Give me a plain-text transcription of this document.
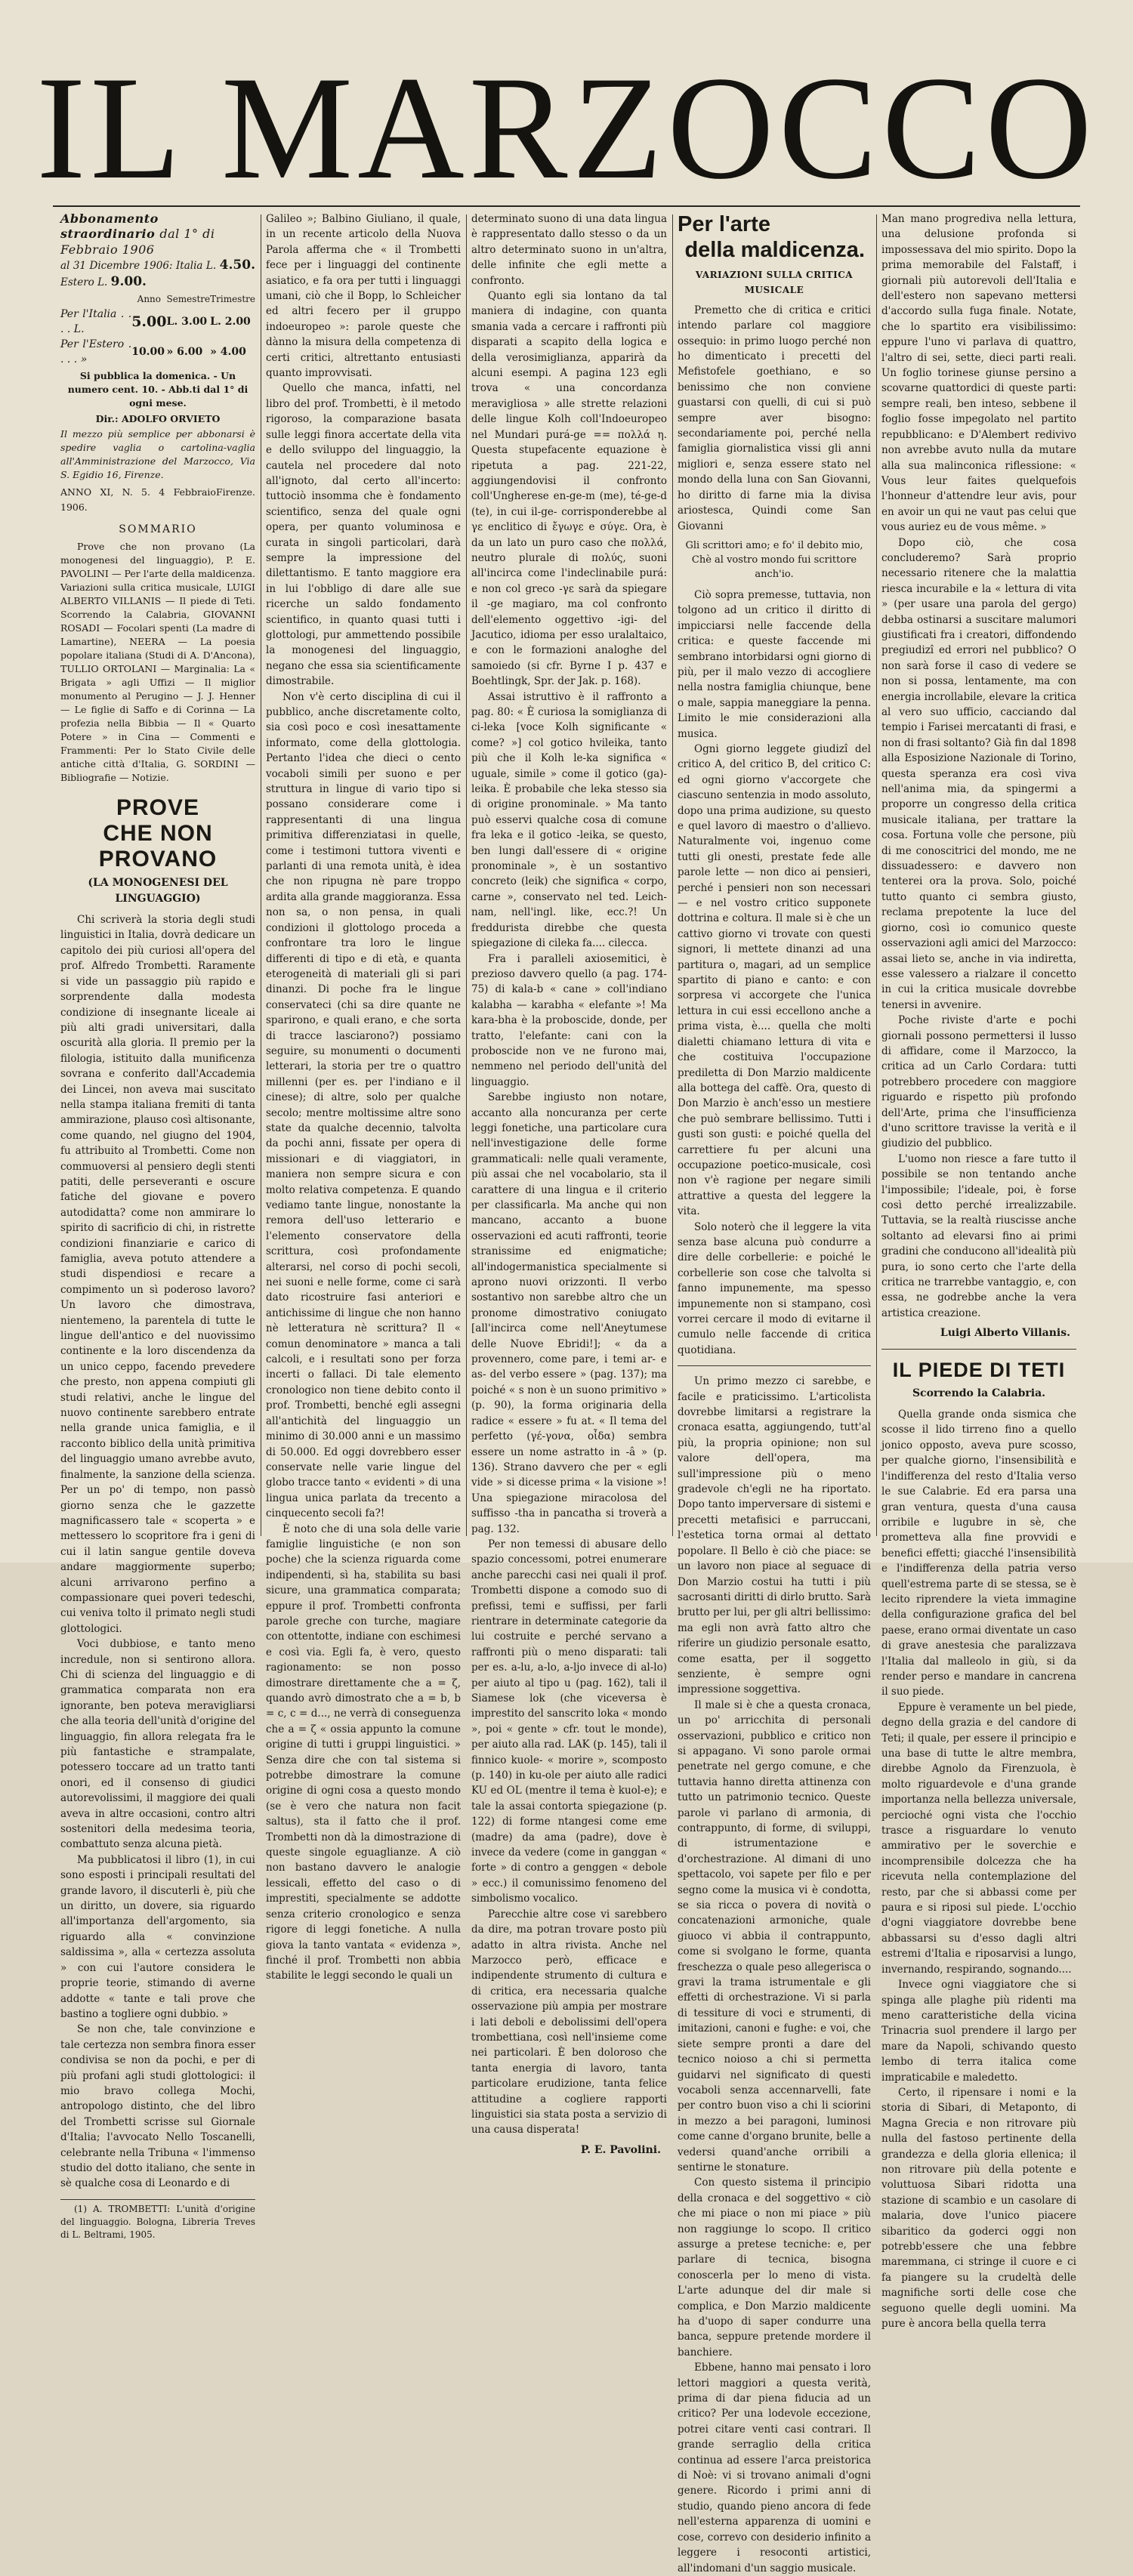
IL MARZOCCO

Abbonamento straordinario dal 1° di Febbraio 1906

al 31 Dicembre 1906: Italia L. 4.50. Estero L. 9.00.

	Anno	Semestre	Trimestre
Per l'Italia . . . . L.	5.00	L. 3.00	L. 2.00
Per l'Estero . . . . »	10.00	» 6.00	» 4.00

Si pubblica la domenica. - Un numero cent. 10. - Abb.ti dal 1° di ogni mese.

Dir.: ADOLFO ORVIETO

Il mezzo più semplice per abbonarsi è spedire vaglia o cartolina-vaglia all'Amministrazione del Marzocco, Via S. Egidio 16, Firenze.

ANNO XI, N. 5. 4 Febbraio 1906.
Firenze.
SOMMARIO

Prove che non provano (La monogenesi del linguaggio), P. E. PAVOLINI — Per l'arte della maldicenza. Variazioni sulla critica musicale, LUIGI ALBERTO VILLANIS — Il piede di Teti. Scorrendo la Calabria, GIOVANNI ROSADI — Focolari spenti (La madre di Lamartine), NEERA — La poesia popolare italiana (Studi di A. D'Ancona), TULLIO ORTOLANI — Marginalia: La « Brigata » agli Uffizi — Il miglior monumento al Perugino — J. J. Henner — Le figlie di Saffo e di Corinna — La profezia nella Bibbia — Il « Quarto Potere » in Cina — Commenti e Frammenti: Per lo Stato Civile delle antiche città d'Italia, G. SORDINI — Bibliografie — Notizie.

PROVE

CHE NON PROVANO

(LA MONOGENESI DEL LINGUAGGIO)

Chi scriverà la storia degli studi linguistici in Italia, dovrà dedicare un capitolo dei più curiosi all'opera del prof. Alfredo Trombetti. Raramente si vide un passaggio più rapido e sorprendente dalla modesta condizione di insegnante liceale ai più alti gradi universitari, dalla oscurità alla gloria. Il premio per la filologia, istituito dalla munificenza sovrana e conferito dall'Accademia dei Lincei, non aveva mai suscitato nella stampa italiana fremiti di tanta ammirazione, plauso così altisonante, come quando, nel giugno del 1904, fu attribuito al Trombetti. Come non commuoversi al pensiero degli stenti patiti, delle perseveranti e oscure fatiche del giovane e povero autodidatta? come non ammirare lo spirito di sacrificio di chi, in ristrette condizioni finanziarie e carico di famiglia, aveva potuto attendere a studi dispendiosi e recare a compimento un sì poderoso lavoro? Un lavoro che dimostrava, nientemeno, la parentela di tutte le lingue dell'antico e del nuovissimo continente e la loro discendenza da un unico ceppo, facendo prevedere che presto, non appena compiuti gli studi relativi, anche le lingue del nuovo continente sarebbero entrate nella grande unica famiglia, e il racconto biblico della unità primitiva del linguaggio umano avrebbe avuto, finalmente, la sanzione della scienza. Per un po' di tempo, non passò giorno senza che le gazzette magnificassero tale « scoperta » e mettessero lo scopritore fra i geni di cui il latin sangue gentile doveva andare maggiormente superbo; alcuni arrivarono perfino a compassionare quei poveri tedeschi, cui veniva tolto il primato negli studi glottologici.

Voci dubbiose, e tanto meno incredule, non si sentirono allora. Chi di scienza del linguaggio e di grammatica comparata non era ignorante, ben poteva meravigliarsi che alla teoria dell'unità d'origine del linguaggio, fin allora relegata fra le più fantastiche e strampalate, potessero toccare ad un tratto tanti onori, ed il consenso di giudici autorevolissimi, il maggiore dei quali aveva in altre occasioni, contro altri sostenitori della medesima teoria, combattuto senza alcuna pietà.

Ma pubblicatosi il libro (1), in cui sono esposti i principali resultati del grande lavoro, il discuterli è, più che un diritto, un dovere, sia riguardo all'importanza dell'argomento, sia riguardo alla « convinzione saldissima », alla « certezza assoluta » con cui l'autore considera le proprie teorie, stimando di averne addotte « tante e tali prove che bastino a togliere ogni dubbio. »

Se non che, tale convinzione e tale certezza non sembra finora esser condivisa se non da pochi, e per di più profani agli studi glottologici: il mio bravo collega Mochi, antropologo distinto, che del libro del Trombetti scrisse sul Giornale d'Italia; l'avvocato Nello Toscanelli, celebrante nella Tribuna « l'immenso studio del dotto italiano, che sente in sè qualche cosa di Leonardo e di

(1) A. TROMBETTI: L'unità d'origine del linguaggio. Bologna, Libreria Treves di L. Beltrami, 1905.

Galileo »; Balbino Giuliano, il quale, in un recente articolo della Nuova Parola afferma che « il Trombetti fece per i linguaggi del continente asiatico, e fa ora per tutti i linguaggi umani, ciò che il Bopp, lo Schleicher ed altri fecero per il gruppo indoeuropeo »: parole queste che dànno la misura della competenza di certi critici, altrettanto entusiasti quanto improvvisati.

Quello che manca, infatti, nel libro del prof. Trombetti, è il metodo rigoroso, la comparazione basata sulle leggi finora accertate della vita e dello sviluppo del linguaggio, la cautela nel procedere dal noto all'ignoto, dal certo all'incerto: tuttociò insomma che è fondamento scientifico, senza del quale ogni opera, per quanto voluminosa e curata in singoli particolari, darà sempre la impressione del dilettantismo. E tanto maggiore era in lui l'obbligo di dare alle sue ricerche un saldo fondamento scientifico, in quanto quasi tutti i glottologi, pur ammettendo possibile la monogenesi del linguaggio, negano che essa sia scientificamente dimostrabile.

Non v'è certo disciplina di cui il pubblico, anche discretamente colto, sia così poco e così inesattamente informato, come della glottologia. Pertanto l'idea che dieci o cento vocaboli simili per suono e per struttura in lingue di vario tipo si possano considerare come i rappresentanti di una lingua primitiva differenziatasi in quelle, come i testimoni tuttora viventi e parlanti di una remota unità, è idea che non ripugna nè pare troppo ardita alla grande maggioranza. Essa non sa, o non pensa, in quali condizioni il glottologo proceda a confrontare tra loro le lingue differenti di tipo e di età, e quanta eterogeneità di materiali gli si pari dinanzi. Di poche fra le lingue conservateci (chi sa dire quante ne sparirono, e quali erano, e che sorta di tracce lasciarono?) possiamo seguire, su monumenti o documenti letterari, la storia per tre o quattro millenni (per es. per l'indiano e il cinese); di altre, solo per qualche secolo; mentre moltissime altre sono state da qualche decennio, talvolta da pochi anni, fissate per opera di missionari e di viaggiatori, in maniera non sempre sicura e con molto relativa competenza. E quando vediamo tante lingue, nonostante la remora dell'uso letterario e l'elemento conservatore della scrittura, così profondamente alterarsi, nel corso di pochi secoli, nei suoni e nelle forme, come ci sarà dato ricostruire fasi anteriori e antichissime di lingue che non hanno nè letteratura nè scrittura? Il « comun denominatore » manca a tali calcoli, e i resultati sono per forza incerti o fallaci. Di tale elemento cronologico non tiene debito conto il prof. Trombetti, benché egli assegni all'antichità del linguaggio un minimo di 30.000 anni e un massimo di 50.000. Ed oggi dovrebbero esser conservate nelle varie lingue del globo tracce tanto « evidenti » di una lingua unica parlata da trecento a cinquecento secoli fa?!

È noto che di una sola delle varie famiglie linguistiche (e non son poche) che la scienza riguarda come indipendenti, sì ha, stabilita su basi sicure, una grammatica comparata; eppure il prof. Trombetti confronta parole greche con turche, magiare con ottentotte, indiane con eschimesi e così via. Egli fa, è vero, questo ragionamento: se non posso dimostrare direttamente che a = ζ, quando avrò dimostrato che a = b, b = c, c = d..., ne verrà di conseguenza che a = ζ « ossia appunto la comune origine di tutti i gruppi linguistici. » Senza dire che con tal sistema si potrebbe dimostrare la comune origine di ogni cosa a questo mondo (se è vero che natura non facit saltus), sta il fatto che il prof. Trombetti non dà la dimostrazione di queste singole eguaglianze. A ciò non bastano davvero le analogie lessicali, effetto del caso o di imprestiti, specialmente se addotte senza criterio cronologico e senza rigore di leggi fonetiche. A nulla giova la tanto vantata « evidenza », finché il prof. Trombetti non abbia stabilite le leggi secondo le quali un

determinato suono di una data lingua è rappresentato dallo stesso o da un altro determinato suono in un'altra, delle infinite che egli mette a confronto.

Quanto egli sia lontano da tal maniera di indagine, con quanta smania vada a cercare i raffronti più disparati a scapito della logica e della verosimiglianza, apparirà da alcuni esempi. A pagina 123 egli trova « una concordanza meravigliosa » alle strette relazioni delle lingue Kolh coll'Indoeuropeo nel Mundari purá-ge == πολλά η. Questa stupefacente equazione è ripetuta a pag. 221-22, aggiungendovisi il confronto coll'Ungherese en-ge-m (me), té-ge-d (te), in cui il-ge- corrisponderebbe al γε enclitico di ἔγωγε e σύγε. Ora, è da un lato un puro caso che πολλά, neutro plurale di πολύς, suoni all'incirca come l'indeclinabile purá: e non col greco -γε sarà da spiegare il -ge magiaro, ma col confronto dell'elemento oggettivo -igi- del Jacutico, idioma per esso uralaltaico, e con le formazioni analoghe del samoiedo (si cfr. Byrne I p. 437 e Boehtlingk, Spr. der Jak. p. 168).

Assai istruttivo è il raffronto a pag. 80: « È curiosa la somiglianza di ci-leka [voce Kolh significante « come? »] col gotico hvileika, tanto più che il Kolh le-ka significa « uguale, simile » come il gotico (ga)-leika. È probabile che leka stesso sia di origine pronominale. » Ma tanto può esservi qualche cosa di comune fra leka e il gotico -leika, se questo, ben lungi dall'essere di « origine pronominale », è un sostantivo concreto (leik) che significa « corpo, carne », conservato nel ted. Leich-nam, nell'ingl. like, ecc.?! Un freddurista direbbe che questa spiegazione di cileka fa.... cilecca.

Fra i paralleli axiosemitici, è prezioso davvero quello (a pag. 174-75) di kala-b « cane » coll'indiano kalabha — karabha « elefante »! Ma kara-bha è la proboscide, donde, per tratto, l'elefante: cani con la proboscide non ve ne furono mai, nemmeno nel periodo dell'unità del linguaggio.

Sarebbe ingiusto non notare, accanto alla noncuranza per certe leggi fonetiche, una particolare cura nell'investigazione delle forme grammaticali: nelle quali veramente, più assai che nel vocabolario, sta il carattere di una lingua e il criterio per classificarla. Ma anche qui non mancano, accanto a buone osservazioni ed acuti raffronti, teorie stranissime ed enigmatiche; all'indogermanistica specialmente si aprono nuovi orizzonti. Il verbo sostantivo non sarebbe altro che un pronome dimostrativo coniugato [all'incirca come nell'Aneytumese delle Nuove Ebridi!]; « da a provennero, come pare, i temi ar- e as- del verbo essere » (pag. 137); ma poiché « s non è un suono primitivo » (p. 90), la forma originaria della radice « essere » fu at. « Il tema del perfetto (γέ-γονα, οἶδα) sembra essere un nome astratto in -â » (p. 136). Strano davvero che per « egli vide » si dicesse prima « la visione »! Una spiegazione miracolosa del suffisso -tha in pancatha si troverà a pag. 132.

Per non temessi di abusare dello spazio concessomi, potrei enumerare anche parecchi casi nei quali il prof. Trombetti dispone a comodo suo di prefissi, temi e suffissi, per farli rientrare in determinate categorie da lui costruite e perché servano a raffronti più o meno disparati: tali per es. a-lu, a-lo, a-ljo invece di al-lo) per aiuto al tipo u (pag. 162), tali il Siamese lok (che viceversa è imprestito del sanscrito loka « mondo », poi « gente » cfr. tout le monde), per aiuto alla rad. LAK (p. 145), tali il finnico kuole- « morire », scomposto (p. 140) in ku-ole per aiuto alle radici KU ed OL (mentre il tema è kuol-e); e tale la assai contorta spiegazione (p. 122) di forme ntangesi come eme (madre) da ama (padre), dove è invece da vedere (come in ganggan « forte » di contro a genggen « debole » ecc.) il comunissimo fenomeno del simbolismo vocalico.

Parecchie altre cose vi sarebbero da dire, ma potran trovare posto più adatto in altra rivista. Anche nel Marzocco però, efficace e indipendente strumento di cultura e di critica, era necessaria qualche osservazione più ampia per mostrare i lati deboli e debolissimi dell'opera trombettiana, così nell'insieme come nei particolari. È ben doloroso che tanta energia di lavoro, tanta particolare erudizione, tanta felice attitudine a cogliere rapporti linguistici sia stata posta a servizio di una causa disperata!

P. E. Pavolini.

Per l'arte

della maldicenza.

VARIAZIONI SULLA CRITICA MUSICALE

Premetto che di critica e critici intendo parlare col maggiore ossequio: in primo luogo perché non ho dimenticato i precetti del Mefistofele goethiano, e so benissimo che non conviene guastarsi con quelli, di cui si può sempre aver bisogno: secondariamente poi, perché nella famiglia giornalistica vissi gli anni migliori e, senza essere stato nel mondo della luna con San Giovanni, ho diritto di farne mia la divisa ariostesca, Quindi come San Giovanni

Gli scrittori amo; e fo' il debito mio,
Chè al vostro mondo fui scrittore anch'io.

Ciò sopra premesse, tuttavia, non tolgono ad un critico il diritto di impicciarsi nelle faccende della critica: e queste faccende mi sembrano intorbidarsi ogni giorno di più, per il malo vezzo di accogliere nella nostra famiglia chiunque, bene o male, sappia maneggiare la penna. Limito le mie considerazioni alla musica.

Ogni giorno leggete giudizî del critico A, del critico B, del critico C: ed ogni giorno v'accorgete che ciascuno sentenzia in modo assoluto, dopo una prima audizione, su questo e quel lavoro di maestro o d'allievo. Naturalmente voi, ingenuo come tutti gli onesti, prestate fede alle parole lette — non dico ai pensieri, perché i pensieri non son necessari — e nel vostro critico supponete dottrina e coltura. Il male si è che un cattivo giorno vi trovate con questi signori, li mettete dinanzi ad una partitura o, magari, ad un semplice spartito di piano e canto: e con sorpresa vi accorgete che l'unica lettura in cui essi eccellono anche a prima vista, è.... quella che molti dialetti chiamano lettura di vita e che costituiva l'occupazione prediletta di Don Marzio maldicente alla bottega del caffè. Ora, questo di Don Marzio è anch'esso un mestiere che può sembrare bellissimo. Tutti i gusti son gusti: e poiché quella del carrettiere fu per alcuni una occupazione poetico-musicale, così non v'è ragione per negare simili attrattive a questa del leggere la vita.

Solo noterò che il leggere la vita senza base alcuna può condurre a dire delle corbellerie: e poiché le corbellerie son cose che talvolta si fanno impunemente, ma spesso impunemente non si stampano, così vorrei cercare il modo di evitarne il cumulo nelle faccende di critica quotidiana.

Un primo mezzo ci sarebbe, e facile e praticissimo. L'articolista dovrebbe limitarsi a registrare la cronaca esatta, aggiungendo, tutt'al più, la propria opinione; non sul valore dell'opera, ma sull'impressione più o meno gradevole ch'egli ne ha riportato. Dopo tanto imperversare di sistemi e precetti metafisici e parruccani, l'estetica torna ormai al dettato popolare. Il Bello è ciò che piace: se un lavoro non piace al seguace di Don Marzio costui ha tutti i più sacrosanti diritti di dirlo brutto. Sarà brutto per lui, per gli altri bellissimo: ma egli non avrà fatto altro che riferire un giudizio personale esatto, come esatta, per il soggetto senziente, è sempre ogni impressione soggettiva.

Il male si è che a questa cronaca, un po' arricchita di personali osservazioni, pubblico e critico non si appagano. Vi sono parole ormai penetrate nel gergo comune, e che tuttavia hanno diretta attinenza con tutto un patrimonio tecnico. Queste parole vi parlano di armonia, di contrappunto, di forme, di sviluppi, di istrumentazione e d'orchestrazione. Al dimani di uno spettacolo, voi sapete per filo e per segno come la musica vi è condotta, se sia ricca o povera di novità o concatenazioni armoniche, quale giuoco vi abbia il contrappunto, come si svolgano le forme, quanta freschezza o quale peso allegerisca o gravi la trama istrumentale e gli effetti di orchestrazione. Vi si parla di tessiture di voci e strumenti, di imitazioni, canoni e fughe: e voi, che siete sempre pronti a dare del tecnico noioso a chi si permetta guidarvi nel significato di questi vocaboli senza accennarvelli, fate per contro buon viso a chi li sciorini in mezzo a bei paragoni, luminosi come canne d'organo brunite, belle a vedersi quand'anche orribili a sentirne le stonature.

Con questo sistema il principio della cronaca e del soggettivo « ciò che mi piace o non mi piace » più non raggiunge lo scopo. Il critico assurge a pretese tecniche: e, per parlare di tecnica, bisogna conoscerla per lo meno di vista. L'arte adunque del dir male si complica, e Don Marzio maldicente ha d'uopo di saper condurre una banca, seppure pretende mordere il banchiere.

Ebbene, hanno mai pensato i loro lettori maggiori a questa verità, prima di dar piena fiducia ad un critico? Per una lodevole eccezione, potrei citare venti casi contrari. Il grande serraglio della critica continua ad essere l'arca preistorica di Noè: vi si trovano animali d'ogni genere. Ricordo i primi anni di studio, quando pieno ancora di fede nell'esterna apparenza di uomini e cose, correvo con desiderio infinito a leggere i resoconti artistici, all'indomani d'un saggio musicale.

Man mano progrediva nella lettura, una delusione profonda si impossessava del mio spirito. Dopo la prima memorabile del Falstaff, i giornali più autorevoli dell'Italia e dell'estero non sapevano mettersi d'accordo sulla fuga finale. Notate, che lo spartito era visibilissimo: eppure l'uno vi parlava di quattro, l'altro di sei, sette, dieci parti reali. Un foglio torinese giunse persino a scovarne quattordici di queste parti: sempre reali, ben inteso, sebbene il foglio fosse impegolato nel partito repubblicano: e D'Alembert redivivo non avrebbe avuto nulla da mutare alla sua malinconica riflessione: « Vous leur faites quelquefois l'honneur d'attendre leur avis, pour en avoir un qui ne vaut pas celui que vous auriez eu de vous même. »

Dopo ciò, che cosa concluderemo? Sarà proprio necessario ritenere che la malattia riesca incurabile e la « lettura di vita » (per usare una parola del gergo) debba ostinarsi a suscitare malumori giustificati fra i creatori, diffondendo pregiudizî ed errori nel pubblico? O non sarà forse il caso di vedere se non si possa, lentamente, ma con energia incrollabile, elevare la critica al vero suo ufficio, cacciando dal tempio i Farisei mercatanti di frasi, e non di frasi soltanto? Già fin dal 1898 alla Esposizione Nazionale di Torino, questa speranza era così viva nell'anima mia, da spingermi a proporre un congresso della critica musicale italiana, per trattare la cosa. Fortuna volle che persone, più di me conoscitrici del mondo, me ne dissuadessero: e davvero non tenterei ora la prova. Solo, poiché tutto quanto ci sembra giusto, reclama prepotente la luce del giorno, così io comunico queste osservazioni agli amici del Marzocco: assai lieto se, anche in via indiretta, esse valessero a rialzare il concetto in cui la critica musicale dovrebbe tenersi in avvenire.

Poche riviste d'arte e pochi giornali possono permettersi il lusso di affidare, come il Marzocco, la critica ad un Carlo Cordara: tutti potrebbero procedere con maggiore riguardo e rispetto più profondo dell'Arte, prima che l'insufficienza d'uno scrittore travisse la verità e il giudizio del pubblico.

L'uomo non riesce a fare tutto il possibile se non tentando anche l'impossibile; l'ideale, poi, è forse così detto perché irrealizzabile. Tuttavia, se la realtà riuscisse anche soltanto ad elevarsi fino ai primi gradini che conducono all'idealità più pura, io sono certo che l'arte della critica ne trarrebbe vantaggio, e, con essa, ne godrebbe anche la vera artistica creazione.

Luigi Alberto Villanis.

IL PIEDE DI TETI

Scorrendo la Calabria.

Quella grande onda sismica che scosse il lido tirreno fino a quello jonico opposto, aveva pure scosso, per qualche giorno, l'insensibilità e l'indifferenza del resto d'Italia verso le sue Calabrie. Ed era parsa una gran ventura, questa d'una causa orribile e lugubre in sè, che prometteva alla fine provvidi e benefici effetti; giacché l'insensibilità e l'indifferenza della patria verso quell'estrema parte di se stessa, se è lecito riprendere la vieta immagine della configurazione grafica del bel paese, erano ormai diventate un caso di grave anestesia che paralizzava l'Italia dal malleolo in giù, si da render perso e mandare in cancrena il suo piede.

Eppure è veramente un bel piede, degno della grazia e del candore di Teti; il quale, per essere il principio e una base di tutte le altre membra, direbbe Agnolo da Firenzuola, è molto riguardevole e d'una grande importanza nella bellezza universale, percioché ogni vista che l'occhio trasce a risguardare lo venuto ammirativo per le soverchie e incomprensibile dolcezza che ha ricevuta nella contemplazione del resto, par che si abbassi come per paura e si riposi sul piede. L'occhio d'ogni viaggiatore dovrebbe bene abbassarsi su d'esso dagli altri estremi d'Italia e riposarvisi a lungo, invernando, respirando, sognando....

Invece ogni viaggiatore che si spinga alle plaghe più ridenti ma meno caratteristiche della vicina Trinacria suol prendere il largo per mare da Napoli, schivando questo lembo di terra italica come impraticabile e maledetto.

Certo, il ripensare i nomi e la storia di Sibari, di Metaponto, di Magna Grecia e non ritrovare più nulla del fastoso pertinente della grandezza e della gloria ellenica; il non ritrovare più della potente e voluttuosa Sibari ridotta una stazione di scambio e un casolare di malaria, dove l'unico piacere sibaritico da goderci oggi non potrebb'essere che una febbre maremmana, ci stringe il cuore e ci fa piangere su la crudeltà delle magnifiche sorti delle cose che seguono quelle degli uomini. Ma pure è ancora bella quella terra
